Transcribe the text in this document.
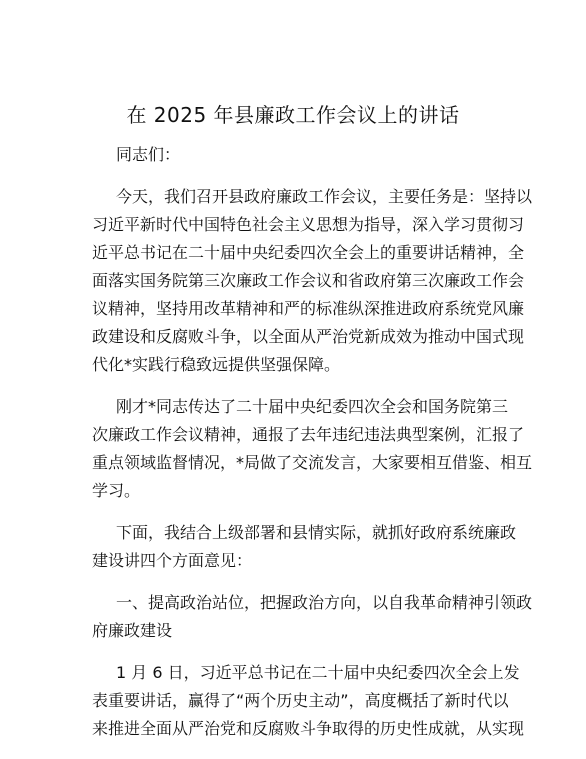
在 2025 年县廉政工作会议上的讲话

同志们：

今天，我们召开县政府廉政工作会议，主要任务是：坚持以
习近平新时代中国特色社会主义思想为指导，深入学习贯彻习
近平总书记在二十届中央纪委四次全会上的重要讲话精神，全
面落实国务院第三次廉政工作会议和省政府第三次廉政工作会
议精神，坚持用改革精神和严的标准纵深推进政府系统党风廉
政建设和反腐败斗争，以全面从严治党新成效为推动中国式现
代化*实践行稳致远提供坚强保障。

刚才*同志传达了二十届中央纪委四次全会和国务院第三
次廉政工作会议精神，通报了去年违纪违法典型案例，汇报了
重点领域监督情况，*局做了交流发言，大家要相互借鉴、相互
学习。

下面，我结合上级部署和县情实际，就抓好政府系统廉政
建设讲四个方面意见：

一、提高政治站位，把握政治方向，以自我革命精神引领政
府廉政建设

1 月 6 日，习近平总书记在二十届中央纪委四次全会上发
表重要讲话，赢得了“两个历史主动”，高度概括了新时代以
来推进全面从严治党和反腐败斗争取得的历史性成就，从实现
